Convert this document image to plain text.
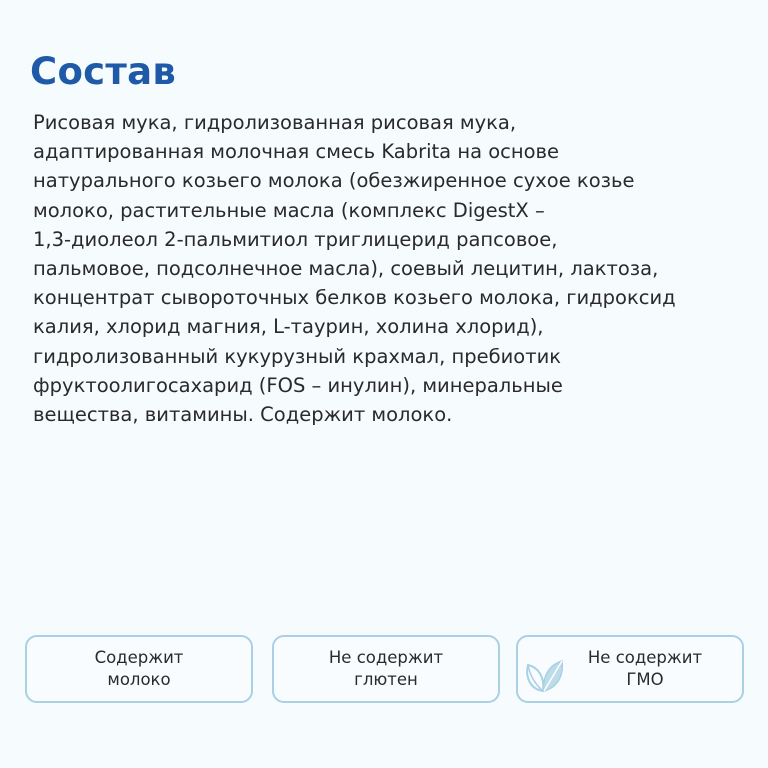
Состав
Рисовая мука, гидролизованная рисовая мука,
адаптированная молочная смесь Kabrita на основе
натурального козьего молока (обезжиренное сухое козье
молоко, растительные масла (комплекс DigestX –
1,3-диолеол 2-пальмитиол триглицерид рапсовое,
пальмовое, подсолнечное масла), соевый лецитин, лактоза,
концентрат сывороточных белков козьего молока, гидроксид
калия, хлорид магния, L-таурин, холина хлорид),
гидролизованный кукурузный крахмал, пребиотик
фруктоолигосахарид (FOS – инулин), минеральные
вещества, витамины. Содержит молоко.
Содержит молоко
Не содержит глютен
Не содержит ГМО
